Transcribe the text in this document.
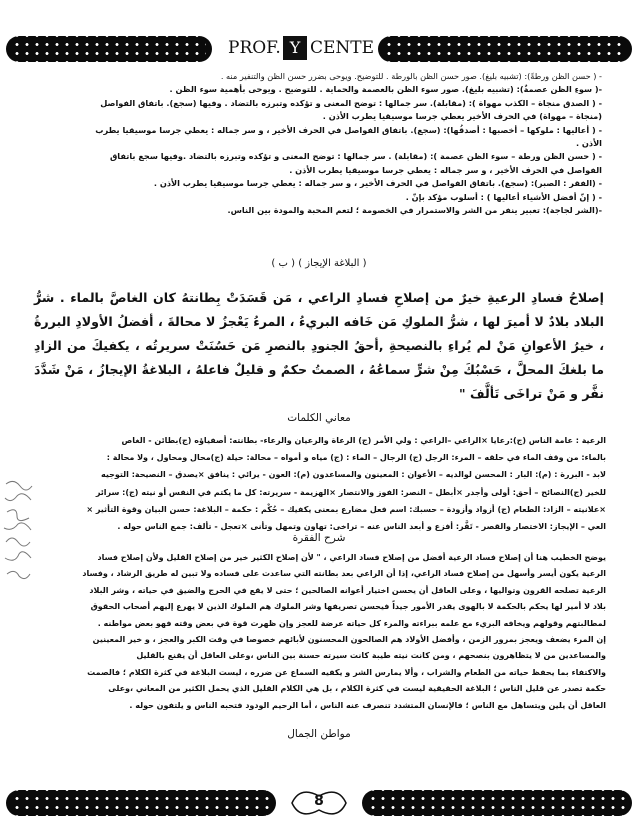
PROF. Y CENTE
- ( حسن الظن ورطةً): (تشبيه بليغ). صور حسن الظن بالورطة . للتوضيح. ويوحى بضرر حسن الظن والتنفير منه .
-( سوءِ الظن عصمةٌ): (تشبيه بليغ). صور سوء الظن بالعصمة والحماية . للتوضيح . ويوحى بأهمية سوء الظن .
- ( الصدق منجاة – الكذب مهواة ): (مقابلة). سر جمالها : توضح المعنى و تؤكده وتبرزه بالتضاد . وفيها (سجع). باتفاق الفواصل
(منجاة – مهواة) في الحرف الأخير يعطي جرسا موسيقيا يطرب الأذن .
- ( أعاليها : ملوكها – أخصبها : أصدقُها): (سجع). باتفاق الفواصل في الحرف الأخير ، و سر جماله : يعطي جرسا موسيقيا يطرب
الأذن .
- ( حسن الظن ورطة – سوء الظن عصمة ): (مقابلة) . سر جمالها : توضح المعنى و تؤكده وتبرزه بالتضاد .وفيها سجع باتفاق
الفواصل في الحرف الأخير ، و سر جماله : يعطي جرسا موسيقيا يطرب الأذن .
- (الفقر : الصبر): (سجع). باتفاق الفواصل في الحرف الأخير ، و سر جماله : يعطي جرسا موسيقيا يطرب الأذن .
- ( إنّ أفضل الأشياء أعاليها ) : أسلوب مؤكد بإنّ .
-(الشر لجاجة): تعبير ينفر من الشر والاستمرار في الخصومة ؛ لتعم المحبة والمودة بين الناس.
( ب ) ( البلاغة الإيجاز )

إصلاحُ فسادِ الرعيةِ خيرٌ من إصلاحِ فسادِ الراعي ، مَن قَسَدَتْ بِطانتهُ كان الغاصَّ بالماء . شرُّ البلاد بلادٌ لا أميرَ لها ، شرُّ الملوكِ مَن خَافه البريءُ ، المرءُ يَعْجزُ لا محالةَ ، أفضلُ الأولادِ البررةُ ، خيرُ الأعوانِ مَنْ لم يُراءِ بالنصيحةِ ,أحقُ الجنودِ بالنصرِ مَن حَسُنَتْ سريرتُه ، يكفيكَ من الزادِ ما بلغكَ المحلَّ ، حَسْبُكَ مِنْ شرٍّ سماعُهُ ، الصمتُ حكمٌ و قليلٌ فاعلهُ ، البلاغةُ الإيجازُ ، مَنْ شَدَّدَ نفَّر و مَنْ تراخَى تَألَّفَ "

معاني الكلمات
الرعية : عامة الناس (ج):رعايا ×الراعي –الراعي : ولي الأمر (ج) الرعاة والرعيان والرعاء- بطانته: أصفياؤه (ج)بطائن - الغاص
بالماء: من وقف الماء في حلقه – المرء: الرجل (ج) الرجال – الماء : (ج) مياه و أمواه – محالة: حيلة (ج)محال ومحاول ، ولا محالة :
لابد - البررة : (م): البار : المحسن لوالديه – الأعوان : المعينون والمساعدون (م): العون - يرائي : ينافق ×يصدق – النصيحة: التوجيه
للخير (ج)النصائح – أحق: أولى وأجدر ×أبطل – النصر: الفوز والانتصار ×الهزيمة - سريرته: كل ما يكتم في النفس أو نيته (ج): سرائر
×علانيته – الزاد: الطعام (ج) أزواد وأزودة – حسبك: اسم فعل مضارع بمعنى يكفيك – حُكْم : حكمة – البلاغة: حسن البيان وقوة التأثير ×
العي – الإيجاز: الاختصار والقصر - تَفَّر: أفزع و أبعد الناس عنه – تراخى: تهاون وتمهل وتأنى ×تعجل - تألف: جمع الناس حوله .
شرح الفقرة
يوضح الخطيب هنا أن إصلاح فساد الرعية أفضل من إصلاح فساد الراعي ، " لأن إصلاح الكثير خير من إصلاح القليل ولأن إصلاح فساد
الرعية يكون أيسر وأسهل من إصلاح فساد الراعي، إذا أن الراعي بعد بطانته التي ساعدت على فساده ولا تبين له طريق الرشاد ، وفساد
الرعية تصلحه القرون وتواليها ، وعلى العاقل أن يحسن اختيار أعوانه الصالحين ؛ حتى لا يقع في الحرج والضيق في حياته ، وشر البلاد
بلاد لا أمير لها يحكم بالحكمة لا بالهوى يقدر الأمور جيداً فيحسن تصريفها وشر الملوك هم الملوك الذين لا يهرع إليهم أصحاب الحقوق
لمطالبتهم وقولهم ويخافه البريء مع علمه ببراءته والمرء كل حياته عرضة للعجز وإن ظهرت قوة في بعض وقته فهو بعض مواطنه .
إن المرء يضعف ويعجز بمرور الزمن ، وأفضل الأولاد هم الصالحون المحسنون لأبائهم خصوصا في وقت الكبر والعجز ، و خير المعينين
والمساعدين من لا يتظاهرون بنصحهم ، ومن كانت نيته طيبة كانت سيرته حسنة بين الناس ،وعلى العاقل أن يقنع بالقليل
والاكتفاء بما يحفظ حياته من الطعام والشراب ، وألا يمارس الشر و يكفيه السماع عن ضرره ، ليست البلاغة في كثرة الكلام ؛ فالصمت
حكمة تصدر عن قليل الناس ؛ البلاغة الحقيقية ليست في كثرة الكلام ، بل هي الكلام القليل الذي يحمل الكثير من المعاني ،وعلى
العاقل أن يلين ويتساهل مع الناس ؛ فالإنسان المتشدد تنصرف عنه الناس ، أما الرحيم الودود فتحبه الناس و يلتفون حوله .
مواطن الجمال
8
